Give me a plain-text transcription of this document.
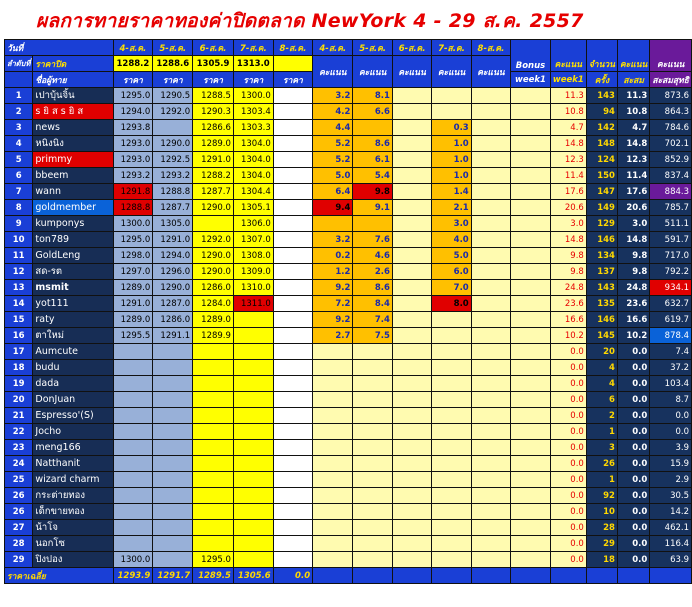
ผลการทายราคาทองค่าปิดตลาด NewYork 4 - 29 ส.ค. 2557
วันที่		4-ส.ค.	5-ส.ค.	6-ส.ค.	7-ส.ค.	8-ส.ค.	4-ส.ค.	5-ส.ค.	6-ส.ค.	7-ส.ค.	8-ส.ค.	Bonus	คะแนน	จำนวน	คะแนน	คะแนน

ลำดับที่	ราคาปิด	1288.2	1288.6	1305.9	1313.0		คะแนน	คะแนน	คะแนน	คะแนน	คะแนน					
	ชื่อผู้ทาย	ราคา	ราคา	ราคา	ราคา	ราคา						week1	week1	ครั้ง	สะสม	สะสมสุทธิ
1	เปาบุ้นจิ้น	1295.0	1290.5	1288.5	1300.0		3.2	8.1					11.3	143	11.3	873.6
2	s ยิ ส s ยิ ส	1294.0	1292.0	1290.3	1303.4		4.2	6.6					10.8	94	10.8	864.3
3	news	1293.8		1286.6	1303.3		4.4			0.3			4.7	142	4.7	784.6
4	หนิงนิง	1293.0	1290.0	1289.0	1304.0		5.2	8.6		1.0			14.8	148	14.8	702.1
5	primmy	1293.0	1292.5	1291.0	1304.0		5.2	6.1		1.0			12.3	124	12.3	852.9
6	bbeem	1293.2	1293.2	1288.2	1304.0		5.0	5.4		1.0			11.4	150	11.4	837.4
7	wann	1291.8	1288.8	1287.7	1304.4		6.4	9.8		1.4			17.6	147	17.6	884.3
8	goldmember	1288.8	1287.7	1290.0	1305.1		9.4	9.1		2.1			20.6	149	20.6	785.7
9	kumponys	1300.0	1305.0		1306.0					3.0			3.0	129	3.0	511.1
10	ton789	1295.0	1291.0	1292.0	1307.0		3.2	7.6		4.0			14.8	146	14.8	591.7
11	GoldLeng	1298.0	1294.0	1290.0	1308.0		0.2	4.6		5.0			9.8	134	9.8	717.0
12	สด-รต	1297.0	1296.0	1290.0	1309.0		1.2	2.6		6.0			9.8	137	9.8	792.2
13	msmit	1289.0	1290.0	1286.0	1310.0		9.2	8.6		7.0			24.8	143	24.8	934.1
14	yot111	1291.0	1287.0	1284.0	1311.0		7.2	8.4		8.0			23.6	135	23.6	632.7
15	raty	1289.0	1286.0	1289.0			9.2	7.4					16.6	146	16.6	619.7
16	ตาใหม่	1295.5	1291.1	1289.9			2.7	7.5					10.2	145	10.2	878.4
17	Aumcute												0.0	20	0.0	7.4
18	budu												0.0	4	0.0	37.2
19	dada												0.0	4	0.0	103.4
20	DonJuan												0.0	6	0.0	8.7
21	Espresso'(S)												0.0	2	0.0	0.0
22	Jocho												0.0	1	0.0	0.0
23	meng166												0.0	3	0.0	3.9
24	Natthanit												0.0	26	0.0	15.9
25	wizard charm												0.0	1	0.0	2.9
26	กระต่ายทอง												0.0	92	0.0	30.5
26	เด็กขายทอง												0.0	10	0.0	14.2
27	น้าโจ												0.0	28	0.0	462.1
28	นอกโซ												0.0	29	0.0	116.4
29	ปิงปอง	1300.0		1295.0									0.0	18	0.0	63.9
ราคาเฉลี่ย		1293.9	1291.7	1289.5	1305.6	0.0										
